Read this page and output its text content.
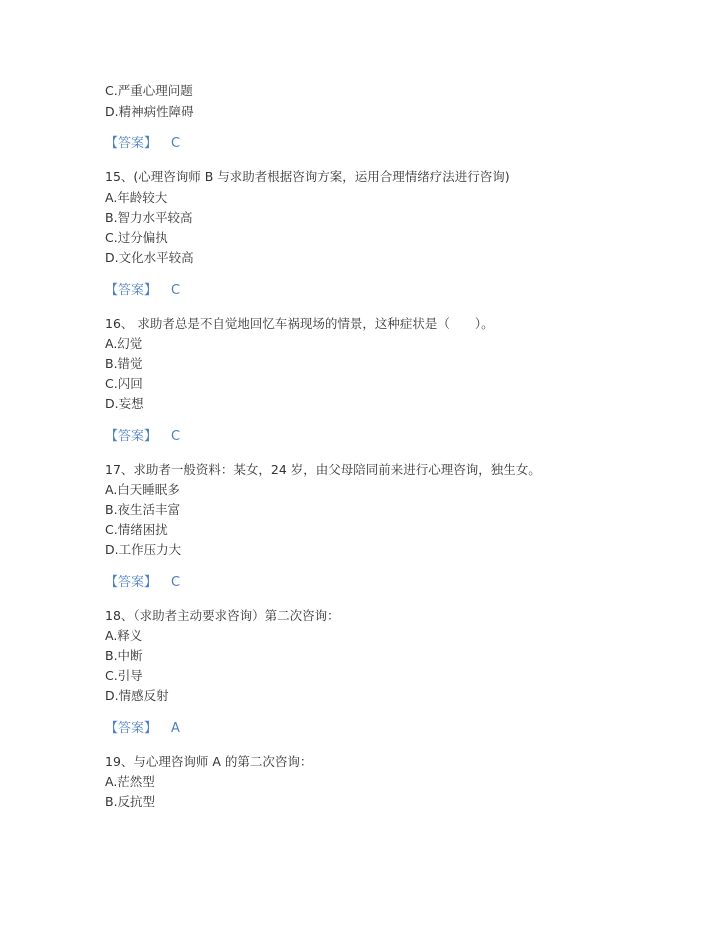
C.严重心理问题
D.精神病性障碍
【答案】 C
15、(心理咨询师 B 与求助者根据咨询方案，运用合理情绪疗法进行咨询)
A.年龄较大
B.智力水平较高
C.过分偏执
D.文化水平较高
【答案】 C
16、 求助者总是不自觉地回忆车祸现场的情景，这种症状是（　　）。
A.幻觉
B.错觉
C.闪回
D.妄想
【答案】 C
17、求助者一般资料：某女，24 岁，由父母陪同前来进行心理咨询，独生女。
A.白天睡眠多
B.夜生活丰富
C.情绪困扰
D.工作压力大
【答案】 C
18、（求助者主动要求咨询）第二次咨询：
A.释义
B.中断
C.引导
D.情感反射
【答案】 A
19、与心理咨询师 A 的第二次咨询：
A.茫然型
B.反抗型
